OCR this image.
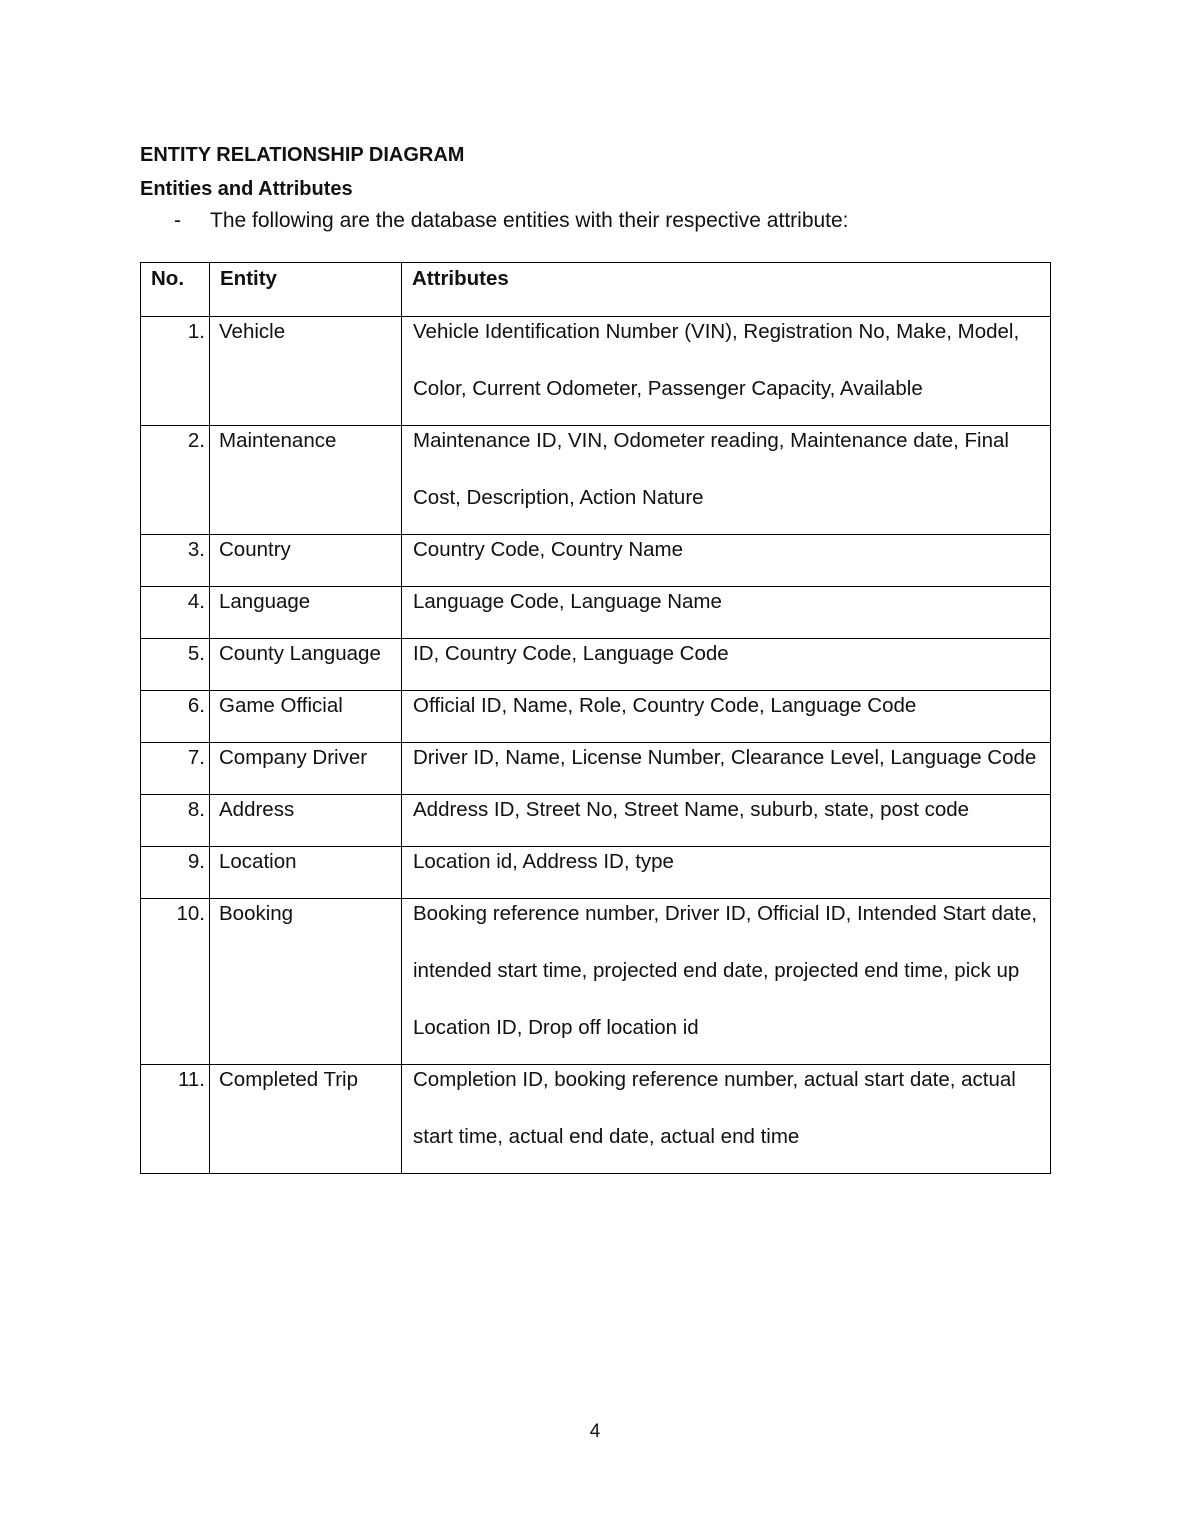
ENTITY RELATIONSHIP DIAGRAM
Entities and Attributes
- The following are the database entities with their respective attribute:
No.	Entity	Attributes

1.	Vehicle	Vehicle Identification Number (VIN), Registration No, Make, Model, Color, Current Odometer, Passenger Capacity, Available

2.	Maintenance	Maintenance ID, VIN, Odometer reading, Maintenance date, Final Cost, Description, Action Nature

3.	Country	Country Code, Country Name

4.	Language	Language Code, Language Name

5.	County Language	ID, Country Code, Language Code

6.	Game Official	Official ID, Name, Role, Country Code, Language Code

7.	Company Driver	Driver ID, Name, License Number, Clearance Level, Language Code

8.	Address	Address ID, Street No, Street Name, suburb, state, post code

9.	Location	Location id, Address ID, type

10.	Booking	Booking reference number, Driver ID, Official ID, Intended Start date, intended start time, projected end date, projected end time, pick up Location ID, Drop off location id

11.	Completed Trip	Completion ID, booking reference number, actual start date, actual start time, actual end date, actual end time
4
